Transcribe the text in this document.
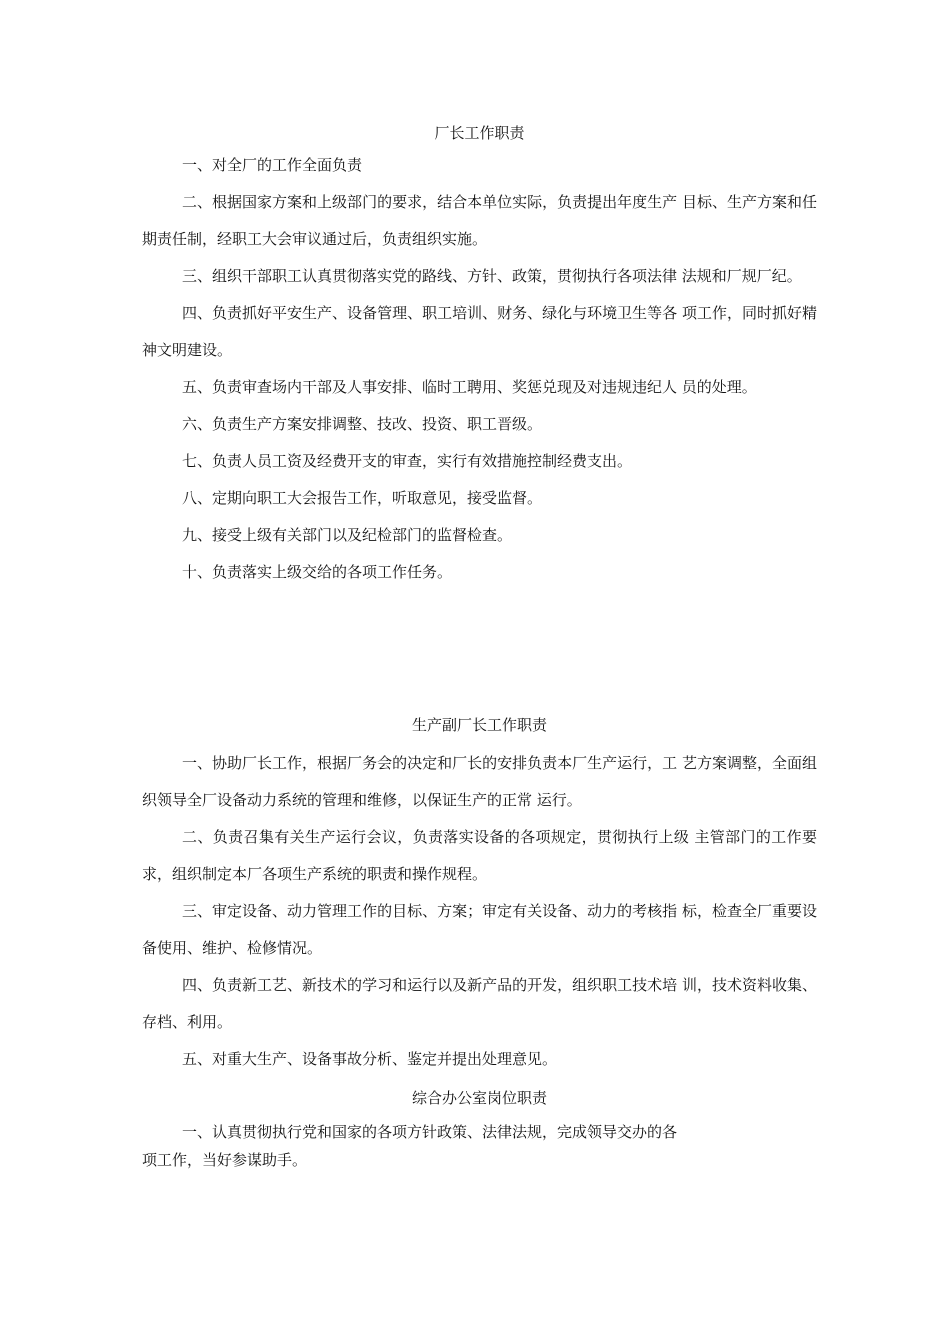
厂长工作职责

一、对全厂的工作全面负责

二、根据国家方案和上级部门的要求，结合本单位实际，负责提出年度生产 目标、生产方案和任期责任制，经职工大会审议通过后，负责组织实施。

三、组织干部职工认真贯彻落实党的路线、方针、政策，贯彻执行各项法律 法规和厂规厂纪。

四、负责抓好平安生产、设备管理、职工培训、财务、绿化与环境卫生等各 项工作，同时抓好精神文明建设。

五、负责审查场内干部及人事安排、临时工聘用、奖惩兑现及对违规违纪人 员的处理。

六、负责生产方案安排调整、技改、投资、职工晋级。

七、负责人员工资及经费开支的审查，实行有效措施控制经费支出。

八、定期向职工大会报告工作，听取意见，接受监督。

九、接受上级有关部门以及纪检部门的监督检查。

十、负责落实上级交给的各项工作任务。

生产副厂长工作职责

一、协助厂长工作，根据厂务会的决定和厂长的安排负责本厂生产运行，工 艺方案调整，全面组织领导全厂设备动力系统的管理和维修，以保证生产的正常 运行。

二、负责召集有关生产运行会议，负责落实设备的各项规定，贯彻执行上级 主管部门的工作要求，组织制定本厂各项生产系统的职责和操作规程。

三、审定设备、动力管理工作的目标、方案；审定有关设备、动力的考核指 标，检查全厂重要设备使用、维护、检修情况。

四、负责新工艺、新技术的学习和运行以及新产品的开发，组织职工技术培 训，技术资料收集、存档、利用。

五、对重大生产、设备事故分析、鉴定并提出处理意见。

综合办公室岗位职责

一、认真贯彻执行党和国家的各项方针政策、法律法规，完成领导交办的各

项工作，当好参谋助手。
